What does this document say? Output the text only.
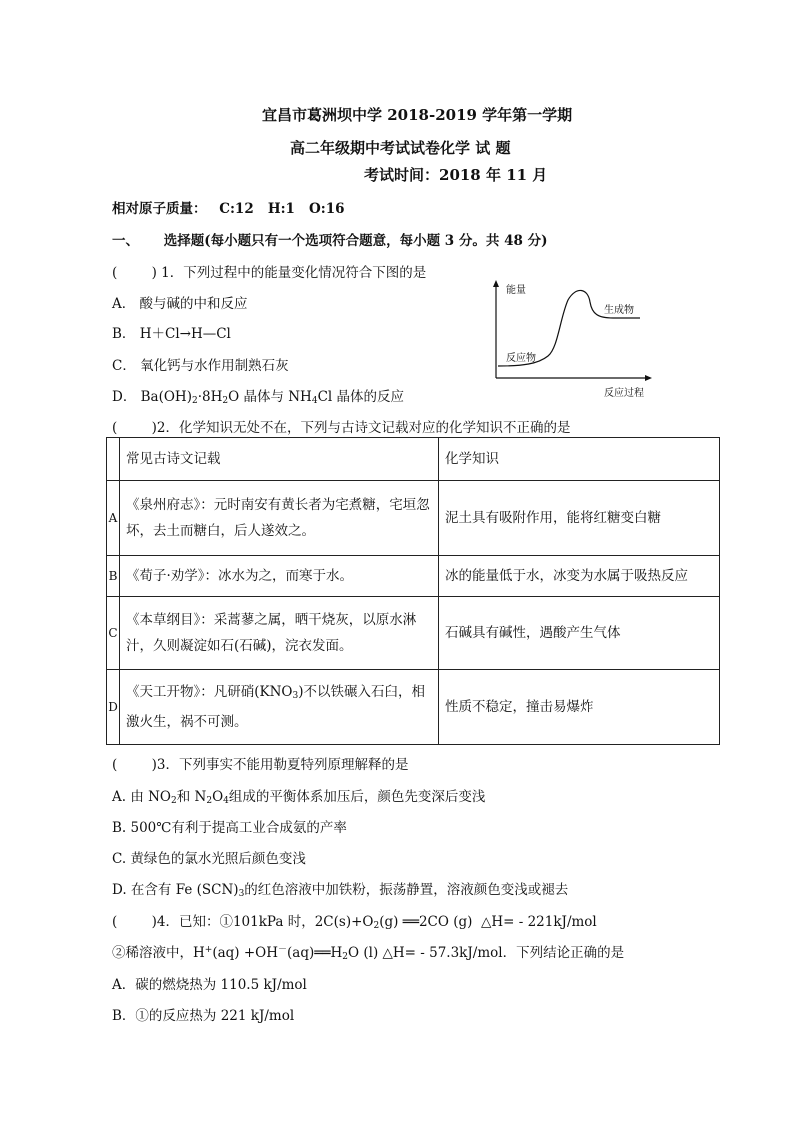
宜昌市葛洲坝中学 2018-2019 学年第一学期
高二年级期中考试试卷化学 试 题
考试时间：2018 年 11 月
相对原子质量： C:12   H:1   O:16
一、 选择题(每小题只有一个选项符合题意，每小题 3 分。共 48 分)
(        ) 1．下列过程中的能量变化情况符合下图的是
A． 酸与碱的中和反应
B． H＋Cl→H—Cl
C． 氧化钙与水作用制熟石灰
D． $Ba(OH)_2\cdot 8H_2O$ 晶体与 $NH_4Cl$ 晶体的反应
能量
反应过程
反应物
生成物
(        )2．化学知识无处不在，下列与古诗文记载对应的化学知识不正确的是
	常见古诗文记载	化学知识
A	《泉州府志》：元时南安有黄长者为宅煮糖，宅垣忽坏，去土而糖白，后人遂效之。	泥土具有吸附作用，能将红糖变白糖
B	《荀子·劝学》：冰水为之，而寒于水。	冰的能量低于水，冰变为水属于吸热反应
C	《本草纲目》：采蒿蓼之属，晒干烧灰，以原水淋汁，久则凝淀如石(石碱)，浣衣发面。	石碱具有碱性，遇酸产生气体
D	《天工开物》：凡研硝$(KNO_3)$不以铁碾入石臼，相激火生，祸不可测。	性质不稳定，撞击易爆炸
(        )3．下列事实不能用勒夏特列原理解释的是
A. 由 $NO_2$和 $N_2O_4$组成的平衡体系加压后，颜色先变深后变浅
B. 500℃有利于提高工业合成氨的产率
C. 黄绿色的氯水光照后颜色变浅
D. 在含有 Fe $(SCN)_3$的红色溶液中加铁粉，振荡静置，溶液颜色变浅或褪去
(        )4．已知：①101kPa 时，$2C(s)+O_2(g)$ ══2CO (g)  △H= - 221kJ/mol
②稀溶液中，$H^+(aq) +OH^-(aq)══H_2O$ (l) △H= - 57.3kJ/mol．下列结论正确的是
A．碳的燃烧热为 110.5 kJ/mol
B．①的反应热为 221 kJ/mol
